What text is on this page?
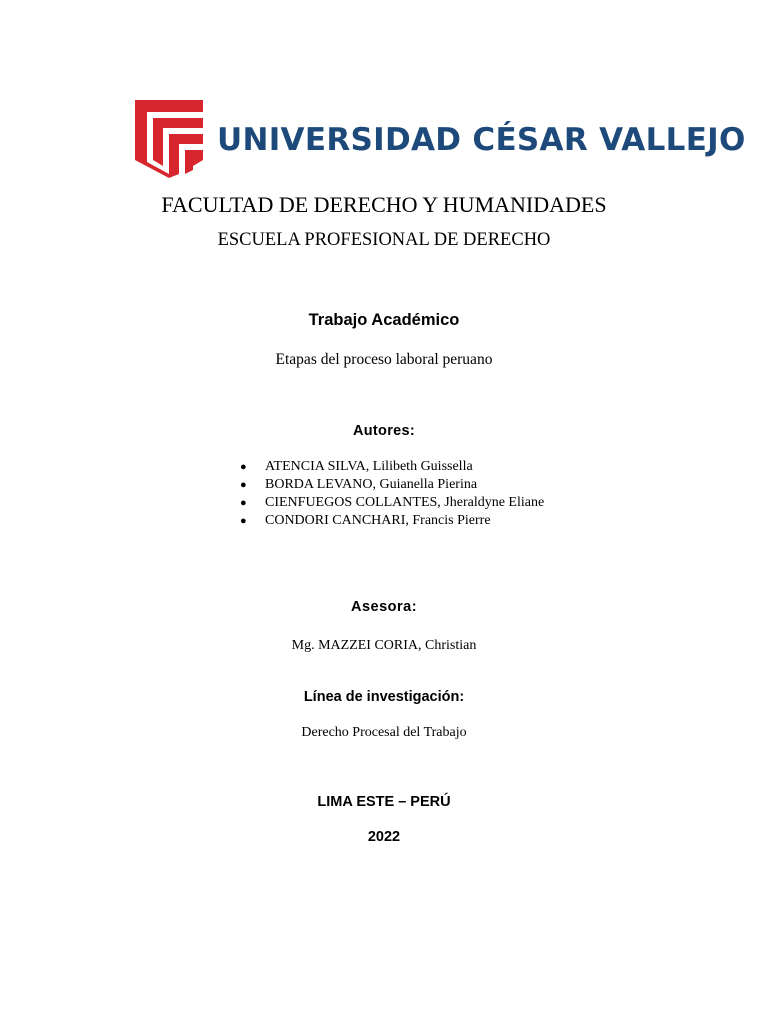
UNIVERSIDAD CÉSAR VALLEJO
FACULTAD DE DERECHO Y HUMANIDADES
ESCUELA PROFESIONAL DE DERECHO
Trabajo Académico
Etapas del proceso laboral peruano
Autores:
● ATENCIA SILVA, Lilibeth Guissella
● BORDA LEVANO, Guianella Pierina
● CIENFUEGOS COLLANTES, Jheraldyne Eliane
● CONDORI CANCHARI, Francis Pierre
Asesora:
Mg. MAZZEI CORIA, Christian
Línea de investigación:
Derecho Procesal del Trabajo
LIMA ESTE – PERÚ
2022
